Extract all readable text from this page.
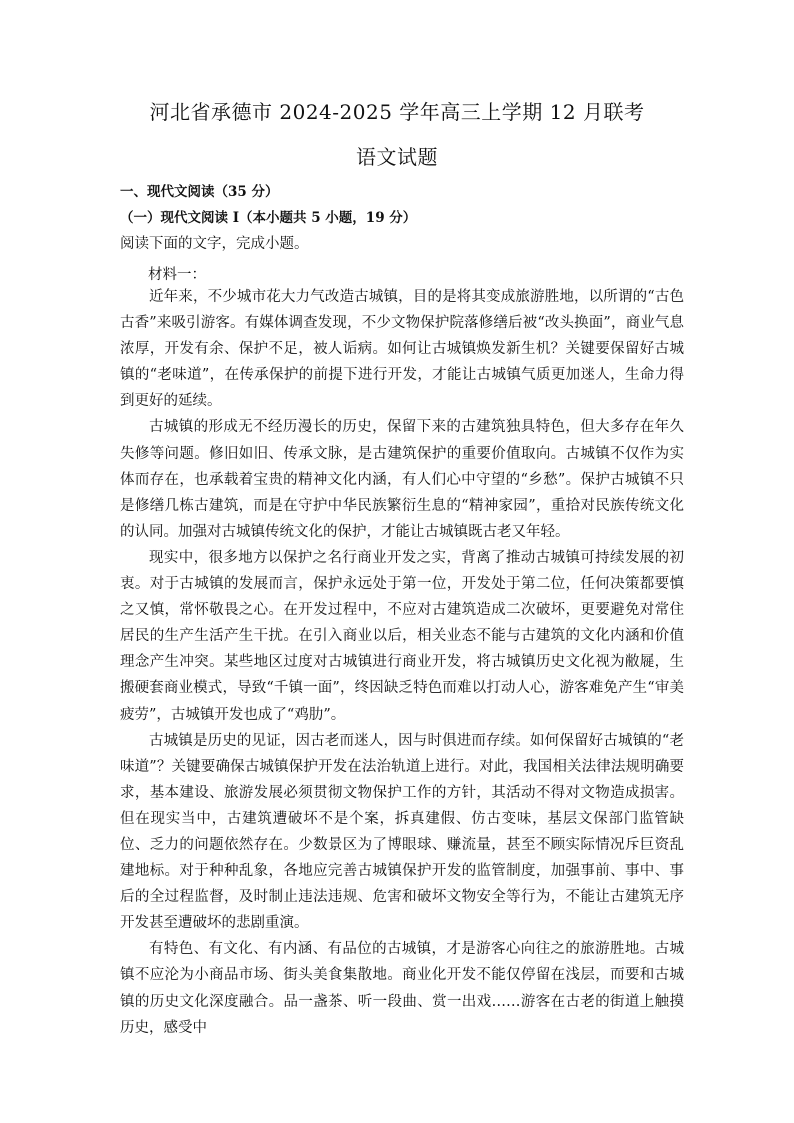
河北省承德市 2024-2025 学年高三上学期 12 月联考
语文试题
一、现代文阅读（35 分）
（一）现代文阅读 I（本小题共 5 小题，19 分）
阅读下面的文字，完成小题。
材料一：

近年来，不少城市花大力气改造古城镇，目的是将其变成旅游胜地，以所谓的“古色古香”来吸引游客。有媒体调查发现，不少文物保护院落修缮后被“改头换面”，商业气息浓厚，开发有余、保护不足，被人诟病。如何让古城镇焕发新生机？关键要保留好古城镇的“老味道”，在传承保护的前提下进行开发，才能让古城镇气质更加迷人，生命力得到更好的延续。

古城镇的形成无不经历漫长的历史，保留下来的古建筑独具特色，但大多存在年久失修等问题。修旧如旧、传承文脉，是古建筑保护的重要价值取向。古城镇不仅作为实体而存在，也承载着宝贵的精神文化内涵，有人们心中守望的“乡愁”。保护古城镇不只是修缮几栋古建筑，而是在守护中华民族繁衍生息的“精神家园”，重拾对民族传统文化的认同。加强对古城镇传统文化的保护，才能让古城镇既古老又年轻。

现实中，很多地方以保护之名行商业开发之实，背离了推动古城镇可持续发展的初衷。对于古城镇的发展而言，保护永远处于第一位，开发处于第二位，任何决策都要慎之又慎，常怀敬畏之心。在开发过程中，不应对古建筑造成二次破坏，更要避免对常住居民的生产生活产生干扰。在引入商业以后，相关业态不能与古建筑的文化内涵和价值理念产生冲突。某些地区过度对古城镇进行商业开发，将古城镇历史文化视为敝屣，生搬硬套商业模式，导致“千镇一面”，终因缺乏特色而难以打动人心，游客难免产生“审美疲劳”，古城镇开发也成了“鸡肋”。

古城镇是历史的见证，因古老而迷人，因与时俱进而存续。如何保留好古城镇的“老味道”？关键要确保古城镇保护开发在法治轨道上进行。对此，我国相关法律法规明确要求，基本建设、旅游发展必须贯彻文物保护工作的方针，其活动不得对文物造成损害。但在现实当中，古建筑遭破坏不是个案，拆真建假、仿古变味，基层文保部门监管缺位、乏力的问题依然存在。少数景区为了博眼球、赚流量，甚至不顾实际情况斥巨资乱建地标。对于种种乱象，各地应完善古城镇保护开发的监管制度，加强事前、事中、事后的全过程监督，及时制止违法违规、危害和破坏文物安全等行为，不能让古建筑无序开发甚至遭破坏的悲剧重演。

有特色、有文化、有内涵、有品位的古城镇，才是游客心向往之的旅游胜地。古城镇不应沦为小商品市场、街头美食集散地。商业化开发不能仅停留在浅层，而要和古城镇的历史文化深度融合。品一盏茶、听一段曲、赏一出戏……游客在古老的街道上触摸历史，感受中
